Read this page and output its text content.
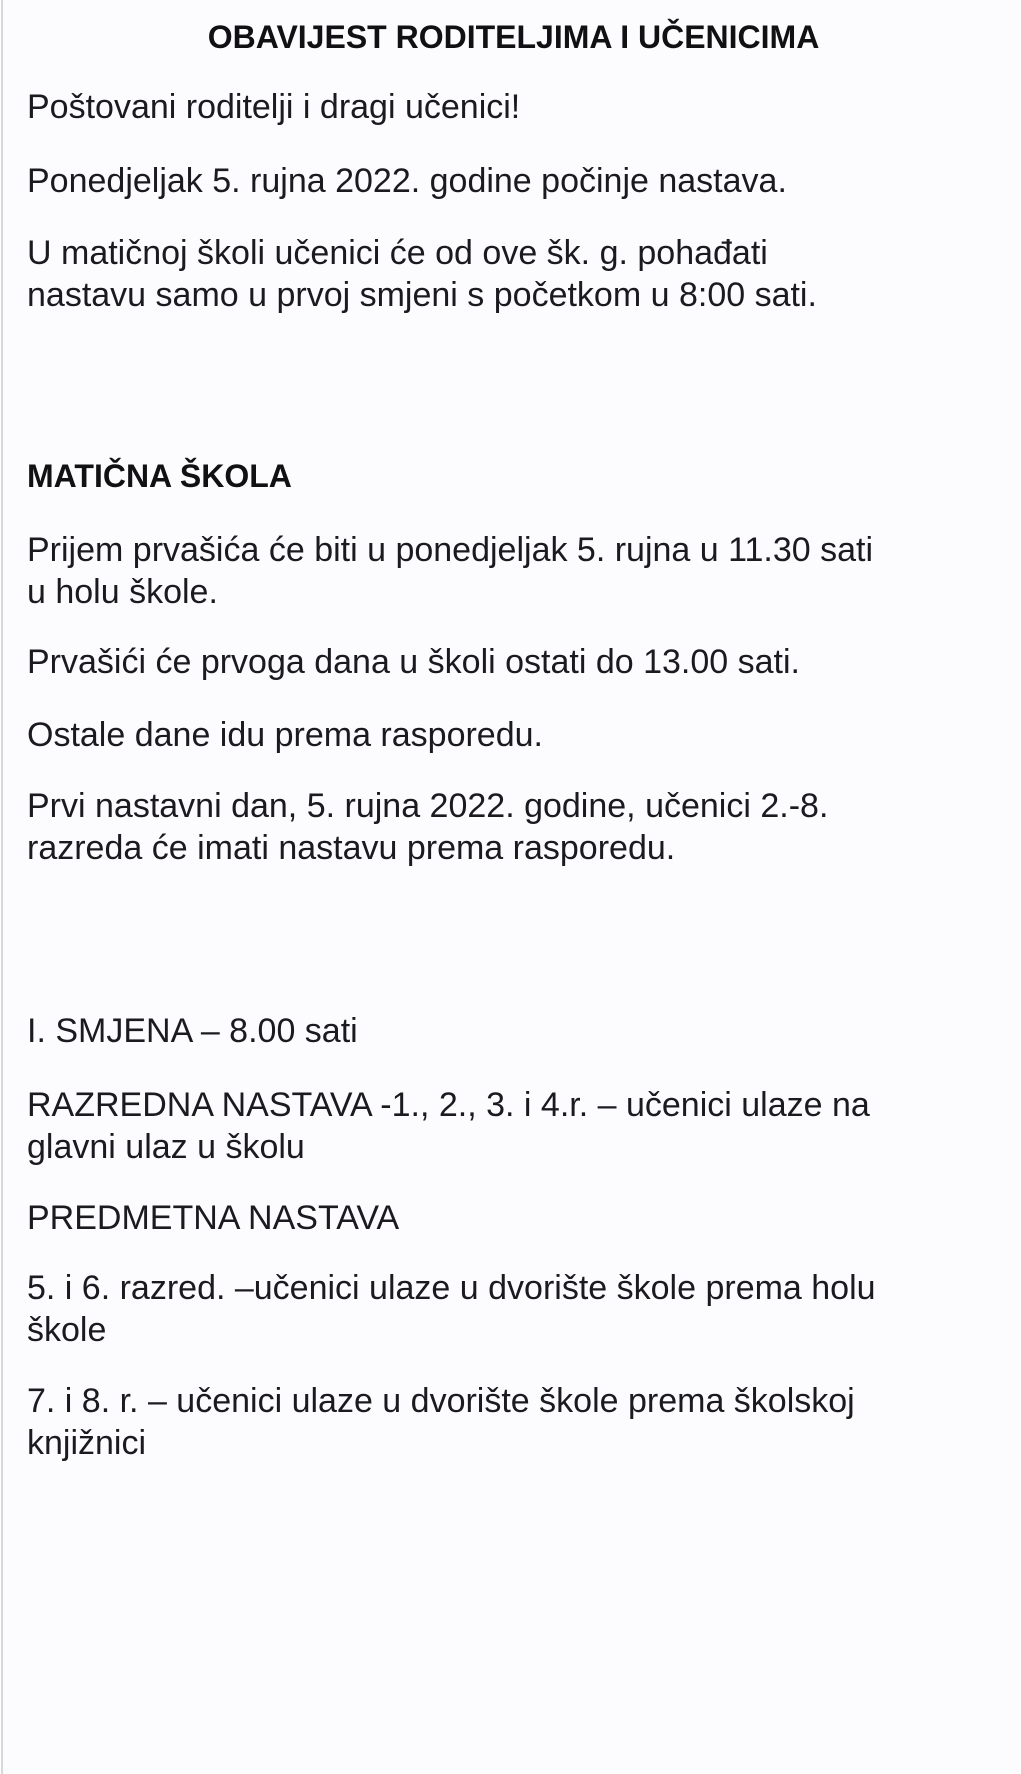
OBAVIJEST RODITELJIMA I UČENICIMA

Poštovani roditelji i dragi učenici!

Ponedjeljak 5. rujna 2022. godine počinje nastava.

U matičnoj školi učenici će od ove šk. g. pohađati

nastavu samo u prvoj smjeni s početkom u 8:00 sati.

MATIČNA ŠKOLA

Prijem prvašića će biti u ponedjeljak 5. rujna u 11.30 sati

u holu škole.

Prvašići će prvoga dana u školi ostati do 13.00 sati.

Ostale dane idu prema rasporedu.

Prvi nastavni dan, 5. rujna 2022. godine, učenici 2.-8.

razreda će imati nastavu prema rasporedu.

I. SMJENA – 8.00 sati

RAZREDNA NASTAVA -1., 2., 3. i 4.r. – učenici ulaze na

glavni ulaz u školu

PREDMETNA NASTAVA

5. i 6. razred. –učenici ulaze u dvorište škole prema holu

škole

7. i 8. r. – učenici ulaze u dvorište škole prema školskoj

knjižnici
